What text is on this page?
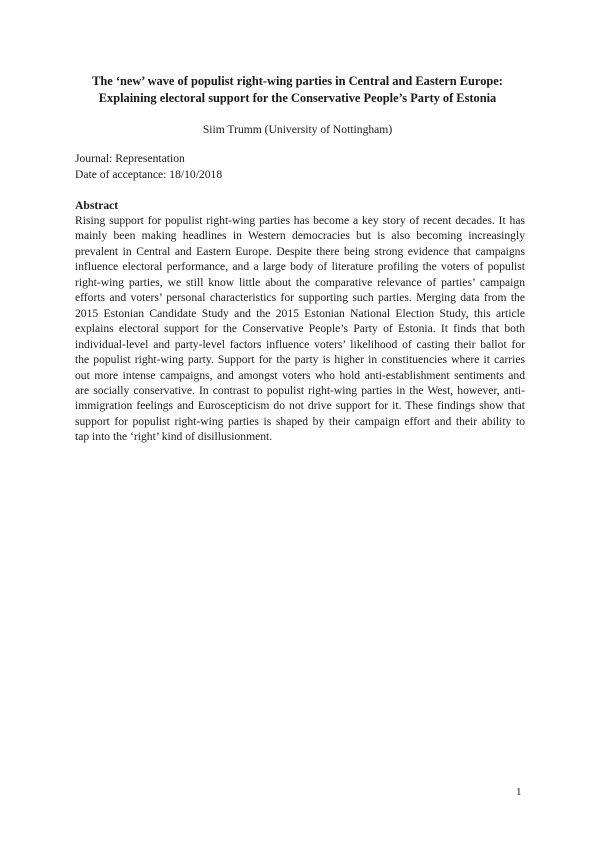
The ‘new’ wave of populist right-wing parties in Central and Eastern Europe:
Explaining electoral support for the Conservative People’s Party of Estonia
Siim Trumm (University of Nottingham)
Journal: Representation
Date of acceptance: 18/10/2018
Abstract
Rising support for populist right-wing parties has become a key story of recent decades. It has
mainly been making headlines in Western democracies but is also becoming increasingly
prevalent in Central and Eastern Europe. Despite there being strong evidence that campaigns
influence electoral performance, and a large body of literature profiling the voters of populist
right-wing parties, we still know little about the comparative relevance of parties’ campaign
efforts and voters’ personal characteristics for supporting such parties. Merging data from the
2015 Estonian Candidate Study and the 2015 Estonian National Election Study, this article
explains electoral support for the Conservative People’s Party of Estonia. It finds that both
individual-level and party-level factors influence voters’ likelihood of casting their ballot for
the populist right-wing party. Support for the party is higher in constituencies where it carries
out more intense campaigns, and amongst voters who hold anti-establishment sentiments and
are socially conservative. In contrast to populist right-wing parties in the West, however, anti-
immigration feelings and Euroscepticism do not drive support for it. These findings show that
support for populist right-wing parties is shaped by their campaign effort and their ability to
tap into the ‘right’ kind of disillusionment.
1
